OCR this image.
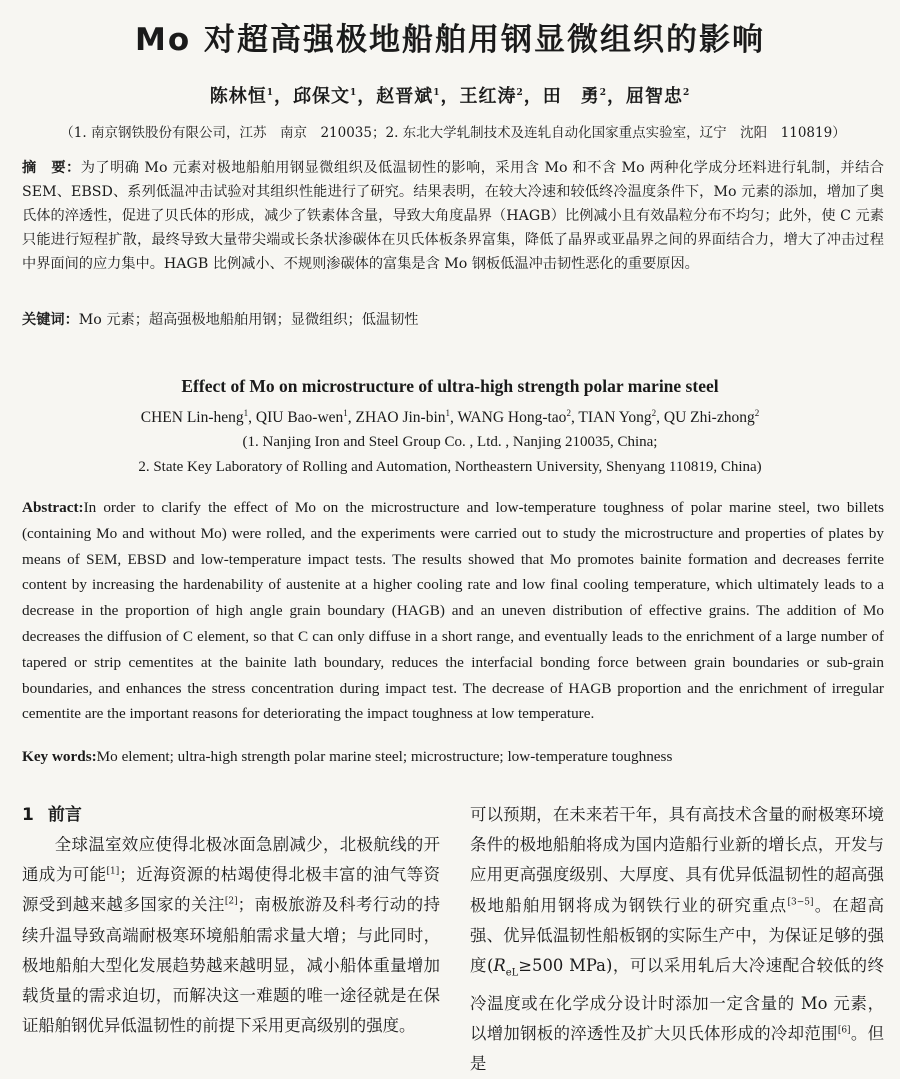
Mo 对超高强极地船舶用钢显微组织的影响
陈林恒$^1$，邱保文$^1$，赵晋斌$^1$，王红涛$^2$，田　勇$^2$，屈智忠$^2$
（1. 南京钢铁股份有限公司，江苏　南京　210035；2. 东北大学轧制技术及连轧自动化国家重点实验室，辽宁　沈阳　110819）
摘　要：为了明确 Mo 元素对极地船舶用钢显微组织及低温韧性的影响，采用含 Mo 和不含 Mo 两种化学成分坯料进行轧制，并结合 SEM、EBSD、系列低温冲击试验对其组织性能进行了研究。结果表明，在较大冷速和较低终冷温度条件下，Mo 元素的添加，增加了奥氏体的淬透性，促进了贝氏体的形成，减少了铁素体含量，导致大角度晶界（HAGB）比例减小且有效晶粒分布不均匀；此外，使 C 元素只能进行短程扩散，最终导致大量带尖端或长条状渗碳体在贝氏体板条界富集，降低了晶界或亚晶界之间的界面结合力，增大了冲击过程中界面间的应力集中。HAGB 比例减小、不规则渗碳体的富集是含 Mo 钢板低温冲击韧性恶化的重要原因。
关键词：Mo 元素；超高强极地船舶用钢；显微组织；低温韧性
Effect of Mo on microstructure of ultra-high strength polar marine steel
CHEN Lin-heng$^1$, QIU Bao-wen$^1$, ZHAO Jin-bin$^1$, WANG Hong-tao$^2$, TIAN Yong$^2$, QU Zhi-zhong$^2$
(1. Nanjing Iron and Steel Group Co. , Ltd. , Nanjing 210035, China;
2. State Key Laboratory of Rolling and Automation, Northeastern University, Shenyang 110819, China)
Abstract:In order to clarify the effect of Mo on the microstructure and low-temperature toughness of polar marine steel, two billets (containing Mo and without Mo) were rolled, and the experiments were carried out to study the microstructure and properties of plates by means of SEM, EBSD and low-temperature impact tests. The results showed that Mo promotes bainite formation and decreases ferrite content by increasing the hardenability of austenite at a higher cooling rate and low final cooling temperature, which ultimately leads to a decrease in the proportion of high angle grain boundary (HAGB) and an uneven distribution of effective grains. The addition of Mo decreases the diffusion of C element, so that C can only diffuse in a short range, and eventually leads to the enrichment of a large number of tapered or strip cementites at the bainite lath boundary, reduces the interfacial bonding force between grain boundaries or sub-grain boundaries, and enhances the stress concentration during impact test. The decrease of HAGB proportion and the enrichment of irregular cementite are the important reasons for deteriorating the impact toughness at low temperature.
Key words:Mo element; ultra-high strength polar marine steel; microstructure; low-temperature toughness
1 前言
全球温室效应使得北极冰面急剧减少，北极航线的开通成为可能[1]；近海资源的枯竭使得北极丰富的油气等资源受到越来越多国家的关注[2]；南极旅游及科考行动的持续升温导致高端耐极寒环境船舶需求量大增；与此同时，极地船舶大型化发展趋势越来越明显，减小船体重量增加载货量的需求迫切，而解决这一难题的唯一途径就是在保证船舶钢优异低温韧性的前提下采用更高级别的强度。
可以预期，在未来若干年，具有高技术含量的耐极寒环境条件的极地船舶将成为国内造船行业新的增长点，开发与应用更高强度级别、大厚度、具有优异低温韧性的超高强极地船舶用钢将成为钢铁行业的研究重点[3−5]。在超高强、优异低温韧性船板钢的实际生产中，为保证足够的强度($R_{eL}\ge 500$ MPa)，可以采用轧后大冷速配合较低的终冷温度或在化学成分设计时添加一定含量的 Mo 元素，以增加钢板的淬透性及扩大贝氏体形成的冷却范围[6]。但是
